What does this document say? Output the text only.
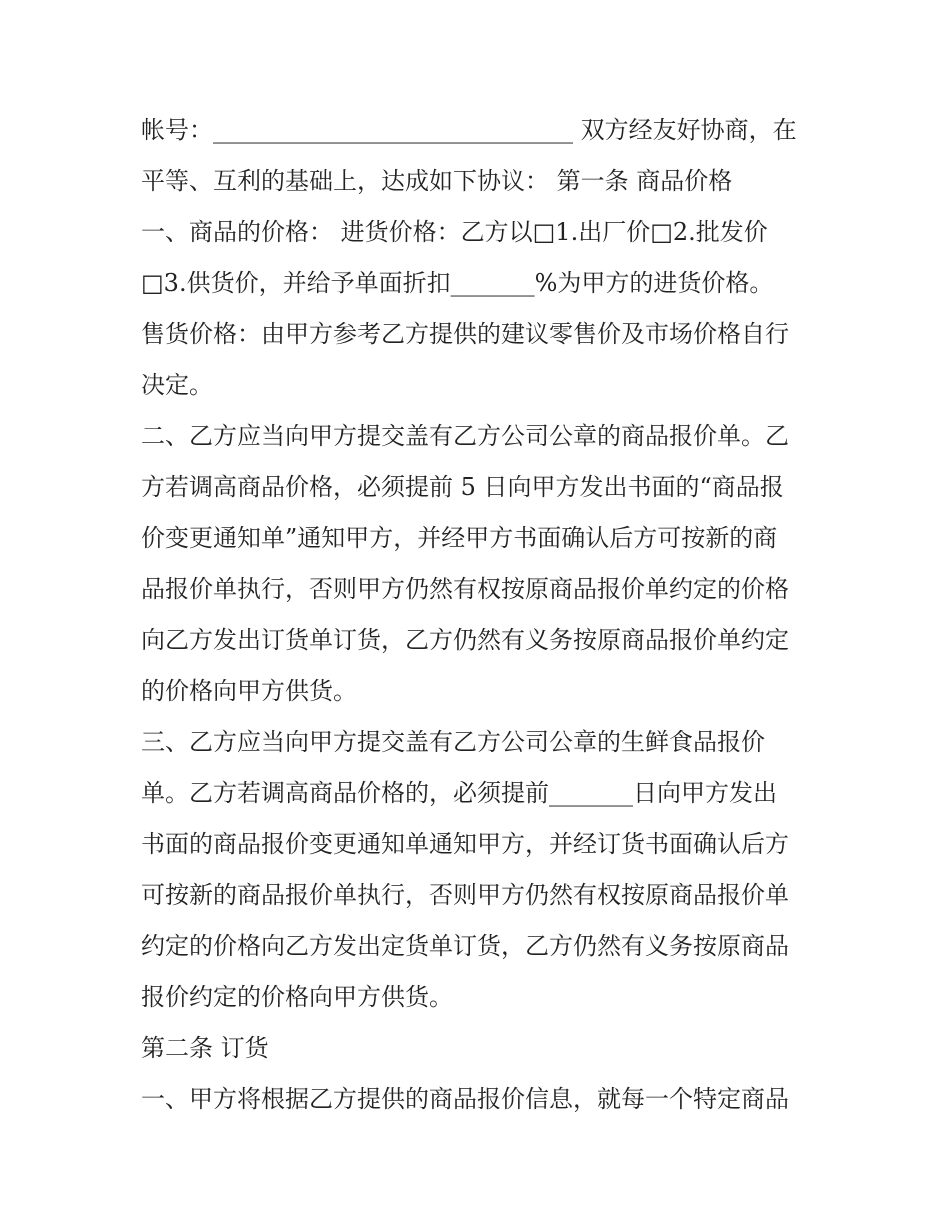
帐号：______________________________ 双方经友好协商，在
平等、互利的基础上，达成如下协议： 第一条 商品价格
一、商品的价格： 进货价格：乙方以□1.出厂价□2.批发价
□3.供货价，并给予单面折扣_______%为甲方的进货价格。
售货价格：由甲方参考乙方提供的建议零售价及市场价格自行
决定。
二、乙方应当向甲方提交盖有乙方公司公章的商品报价单。乙
方若调高商品价格，必须提前 5 日向甲方发出书面的“商品报
价变更通知单”通知甲方，并经甲方书面确认后方可按新的商
品报价单执行，否则甲方仍然有权按原商品报价单约定的价格
向乙方发出订货单订货，乙方仍然有义务按原商品报价单约定
的价格向甲方供货。
三、乙方应当向甲方提交盖有乙方公司公章的生鲜食品报价
单。乙方若调高商品价格的，必须提前_______日向甲方发出
书面的商品报价变更通知单通知甲方，并经订货书面确认后方
可按新的商品报价单执行，否则甲方仍然有权按原商品报价单
约定的价格向乙方发出定货单订货，乙方仍然有义务按原商品
报价约定的价格向甲方供货。
第二条 订货
一、甲方将根据乙方提供的商品报价信息，就每一个特定商品
